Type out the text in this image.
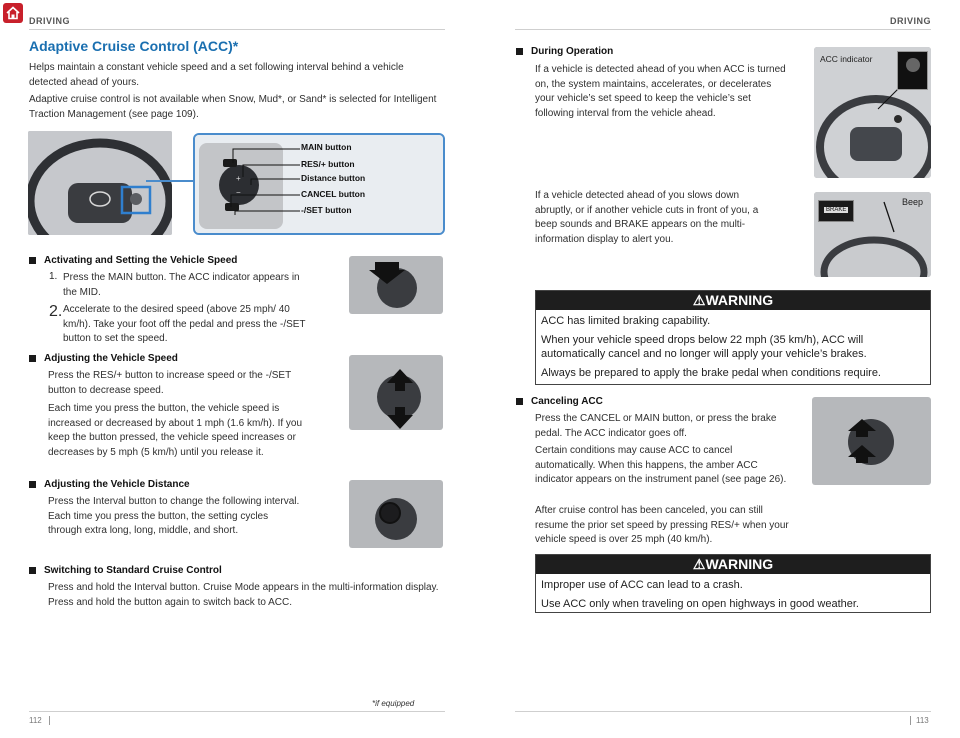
DRIVING	DRIVING
Adaptive Cruise Control (ACC)*

Helps maintain a constant vehicle speed and a set following interval behind a vehicle detected ahead of yours.

Adaptive cruise control is not available when Snow, Mud*, or Sand* is selected for Intelligent Traction Management (see page 109).

+
−
MAIN button
RES/+ button
Distance button
CANCEL button
-/SET button
Activating and Setting the Vehicle Speed
1. Press the MAIN button. The ACC indicator appears in the MID.

2. Accelerate to the desired speed (above 25 mph/ 40 km/h). Take your foot off the pedal and press the -/SET button to set the speed.

Adjusting the Vehicle Speed

Press the RES/+ button to increase speed or the -/SET button to decrease speed.

Each time you press the button, the vehicle speed is increased or decreased by about 1 mph (1.6 km/h). If you keep the button pressed, the vehicle speed increases or decreases by 5 mph (5 km/h) until you release it.

Adjusting the Vehicle Distance

Press the Interval button to change the following interval. Each time you press the button, the setting cycles through extra long, long, middle, and short.

Switching to Standard Cruise Control

Press and hold the Interval button. Cruise Mode appears in the multi-information display. Press and hold the button again to switch back to ACC.

*if equipped
112
During Operation

If a vehicle is detected ahead of you when ACC is turned on, the system maintains, accelerates, or decelerates your vehicle’s set speed to keep the vehicle’s set following interval from the vehicle ahead.

If a vehicle detected ahead of you slows down abruptly, or if another vehicle cuts in front of you, a beep sounds and BRAKE appears on the multi-information display to alert you.

ACC indicator
BRAKE
Beep
⚠WARNING

ACC has limited braking capability.

When your vehicle speed drops below 22 mph (35 km/h), ACC will automatically cancel and no longer will apply your vehicle’s brakes.

Always be prepared to apply the brake pedal when conditions require.

Canceling ACC

Press the CANCEL or MAIN button, or press the brake pedal. The ACC indicator goes off.

Certain conditions may cause ACC to cancel automatically. When this happens, the amber ACC indicator appears on the instrument panel (see page 26).

After cruise control has been canceled, you can still resume the prior set speed by pressing RES/+ when your vehicle speed is over 25 mph (40 km/h).

⚠WARNING

Improper use of ACC can lead to a crash.

Use ACC only when traveling on open highways in good weather.

113
